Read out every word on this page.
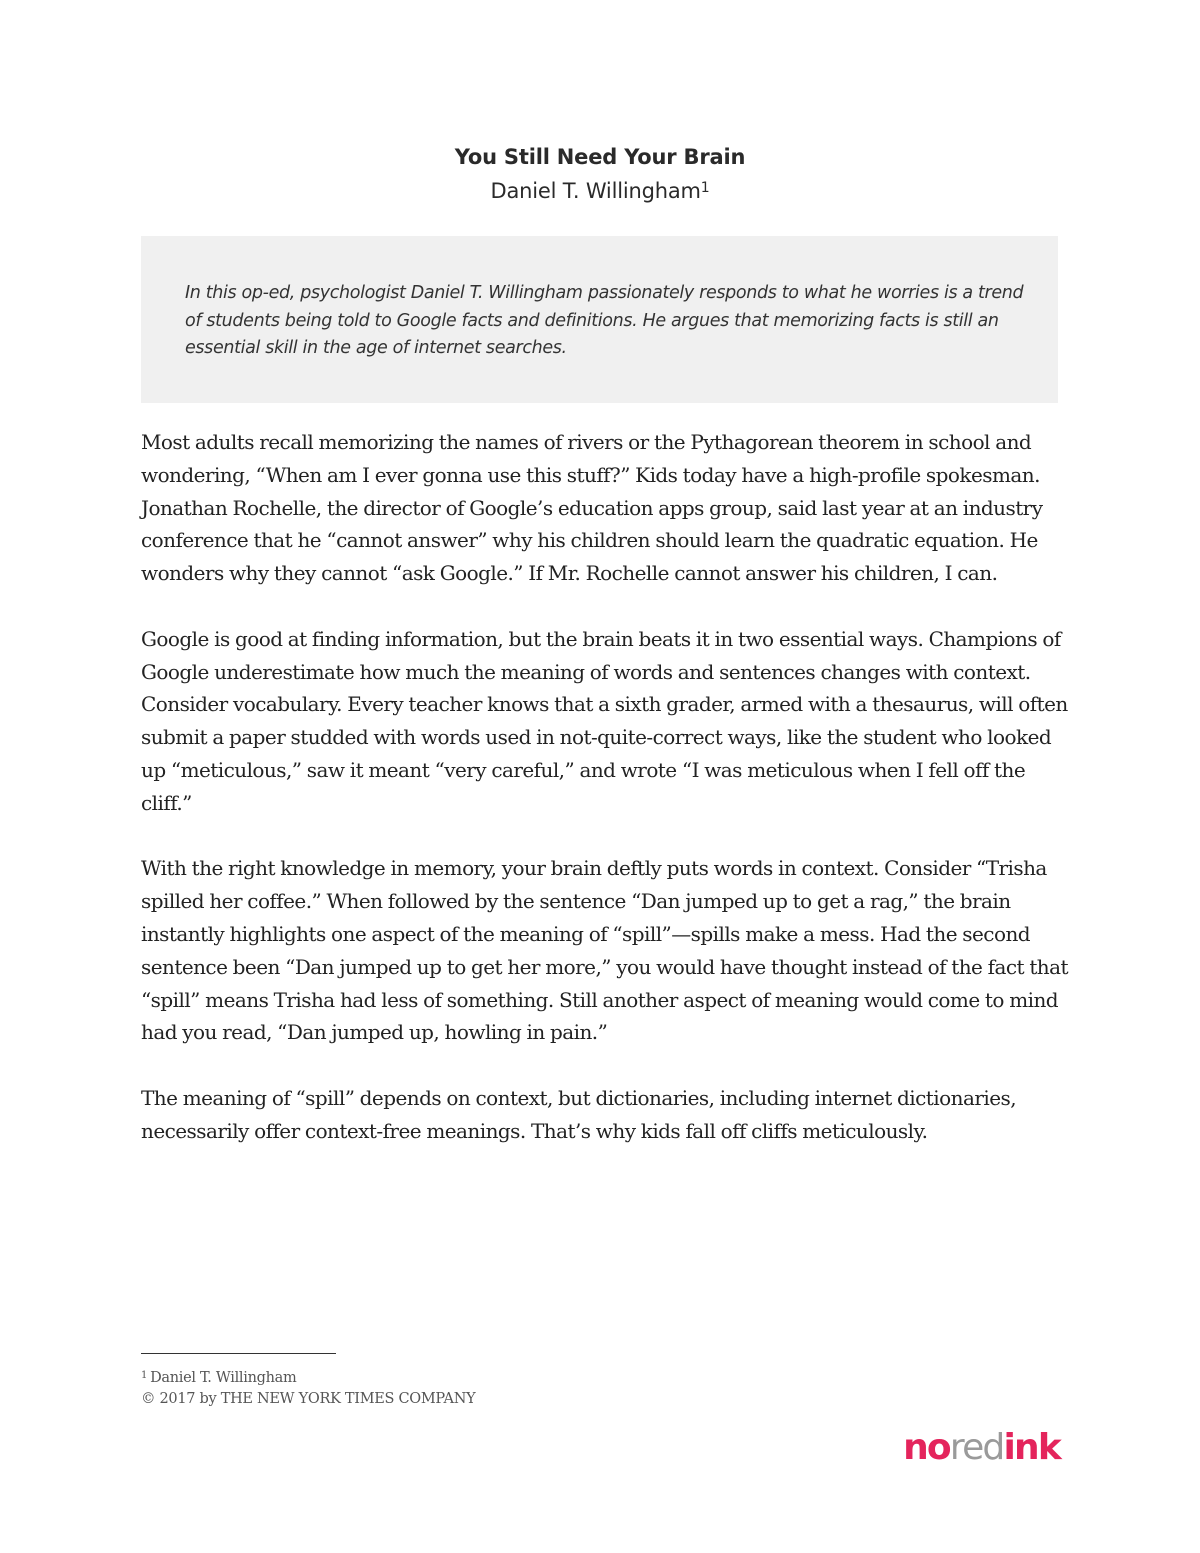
You Still Need Your Brain
Daniel T. Willingham$^1$

In this op-ed, psychologist Daniel T. Willingham passionately responds to what he worries is a trend of students being told to Google facts and definitions. He argues that memorizing facts is still an essential skill in the age of internet searches.

Most adults recall memorizing the names of rivers or the Pythagorean theorem in school and wondering, “When am I ever gonna use this stuff?” Kids today have a high-profile spokesman. Jonathan Rochelle, the director of Google’s education apps group, said last year at an industry conference that he “cannot answer” why his children should learn the quadratic equation. He wonders why they cannot “ask Google.” If Mr. Rochelle cannot answer his children, I can.

Google is good at finding information, but the brain beats it in two essential ways. Champions of Google underestimate how much the meaning of words and sentences changes with context. Consider vocabulary. Every teacher knows that a sixth grader, armed with a thesaurus, will often submit a paper studded with words used in not-quite-correct ways, like the student who looked up “meticulous,” saw it meant “very careful,” and wrote “I was meticulous when I fell off the cliff.”

With the right knowledge in memory, your brain deftly puts words in context. Consider “Trisha spilled her coffee.” When followed by the sentence “Dan jumped up to get a rag,” the brain instantly highlights one aspect of the meaning of “spill”—spills make a mess. Had the second sentence been “Dan jumped up to get her more,” you would have thought instead of the fact that “spill” means Trisha had less of something. Still another aspect of meaning would come to mind had you read, “Dan jumped up, howling in pain.”

The meaning of “spill” depends on context, but dictionaries, including internet dictionaries, necessarily offer context-free meanings. That’s why kids fall off cliffs meticulously.

$^1$ Daniel T. Willingham
© 2017 by THE NEW YORK TIMES COMPANY
noredink
